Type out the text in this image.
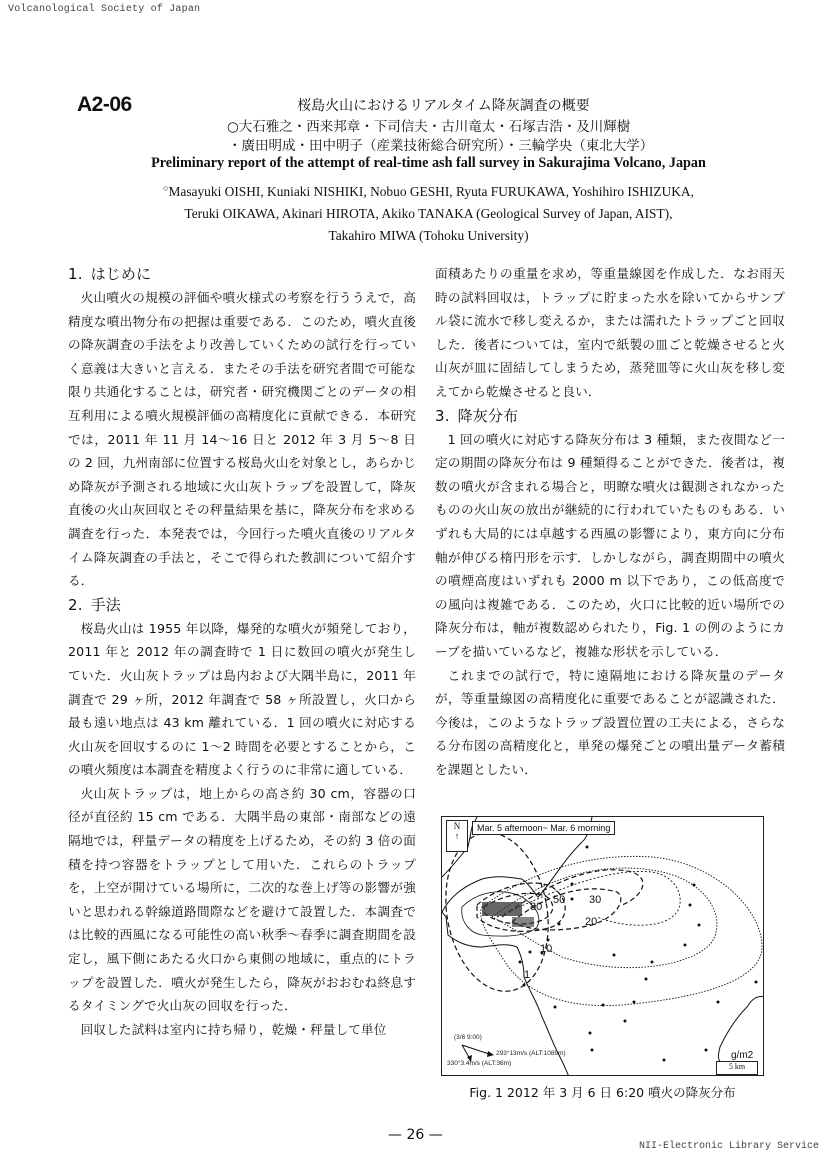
Volcanological Society of Japan
A2-06	桜島火山におけるリアルタイム降灰調査の概要
○大石雅之・西来邦章・下司信夫・古川竜太・石塚吉浩・及川輝樹
・廣田明成・田中明子（産業技術総合研究所）・三輪学央（東北大学）
Preliminary report of the attempt of real-time ash fall survey in Sakurajima Volcano, Japan
○Masayuki OISHI, Kuniaki NISHIKI, Nobuo GESHI, Ryuta FURUKAWA, Yoshihiro ISHIZUKA,
Teruki OIKAWA, Akinari HIROTA, Akiko TANAKA (Geological Survey of Japan, AIST),
Takahiro MIWA (Tohoku University)
1. はじめに

火山噴火の規模の評価や噴火様式の考察を行ううえで，高精度な噴出物分布の把握は重要である．このため，噴火直後の降灰調査の手法をより改善していくための試行を行っていく意義は大きいと言える．またその手法を研究者間で可能な限り共通化することは，研究者・研究機関ごとのデータの相互利用による噴火規模評価の高精度化に貢献できる．本研究では，2011 年 11 月 14～16 日と 2012 年 3 月 5～8 日の 2 回，九州南部に位置する桜島火山を対象とし，あらかじめ降灰が予測される地域に火山灰トラップを設置して，降灰直後の火山灰回収とその秤量結果を基に，降灰分布を求める調査を行った．本発表では，今回行った噴火直後のリアルタイム降灰調査の手法と，そこで得られた教訓について紹介する．

2. 手法

桜島火山は 1955 年以降，爆発的な噴火が頻発しており，2011 年と 2012 年の調査時で 1 日に数回の噴火が発生していた．火山灰トラップは島内および大隅半島に，2011 年調査で 29 ヶ所，2012 年調査で 58 ヶ所設置し，火口から最も遠い地点は 43 km 離れている．1 回の噴火に対応する火山灰を回収するのに 1～2 時間を必要とすることから，この噴火頻度は本調査を精度よく行うのに非常に適している．

火山灰トラップは，地上からの高さ約 30 cm，容器の口径が直径約 15 cm である．大隅半島の東部・南部などの遠隔地では，秤量データの精度を上げるため，その約 3 倍の面積を持つ容器をトラップとして用いた．これらのトラップを，上空が開けている場所に，二次的な巻上げ等の影響が強いと思われる幹線道路間際などを避けて設置した．本調査では比較的西風になる可能性の高い秋季～春季に調査期間を設定し，風下側にあたる火口から東側の地域に，重点的にトラップを設置した．噴火が発生したら，降灰がおおむね終息するタイミングで火山灰の回収を行った．

回収した試料は室内に持ち帰り，乾燥・秤量して単位

面積あたりの重量を求め，等重量線図を作成した．なお雨天時の試料回収は，トラップに貯まった水を除いてからサンプル袋に流水で移し変えるか，または濡れたトラップごと回収した．後者については，室内で紙製の皿ごと乾燥させると火山灰が皿に固結してしまうため，蒸発皿等に火山灰を移し変えてから乾燥させると良い．

3. 降灰分布

1 回の噴火に対応する降灰分布は 3 種類，また夜間など一定の期間の降灰分布は 9 種類得ることができた．後者は，複数の噴火が含まれる場合と，明瞭な噴火は観測されなかったものの火山灰の放出が継続的に行われていたものもある．いずれも大局的には卓越する西風の影響により，東方向に分布軸が伸びる楕円形を示す．しかしながら，調査期間中の噴火の噴煙高度はいずれも 2000 m 以下であり，この低高度での風向は複雑である．このため，火口に比較的近い場所での降灰分布は，軸が複数認められたり，Fig. 1 の例のようにカーブを描いているなど，複雑な形状を示している．

これまでの試行で，特に遠隔地における降灰量のデータが，等重量線図の高精度化に重要であることが認識された．今後は，このようなトラップ設置位置の工夫による，さらなる分布図の高精度化と，単発の爆発ごとの噴出量データ蓄積を課題としたい．

N
↑
Mar. 5 afternoon~ Mar. 6 morning
1
10
20
30
50
80
(3/6 9:00)
293°13m/s (ALT:1089m)
330°3.4m/s (ALT:36m)
g/m2
5 km
Fig. 1 2012 年 3 月 6 日 6:20 噴火の降灰分布
— 26 —
NII-Electronic Library Service
